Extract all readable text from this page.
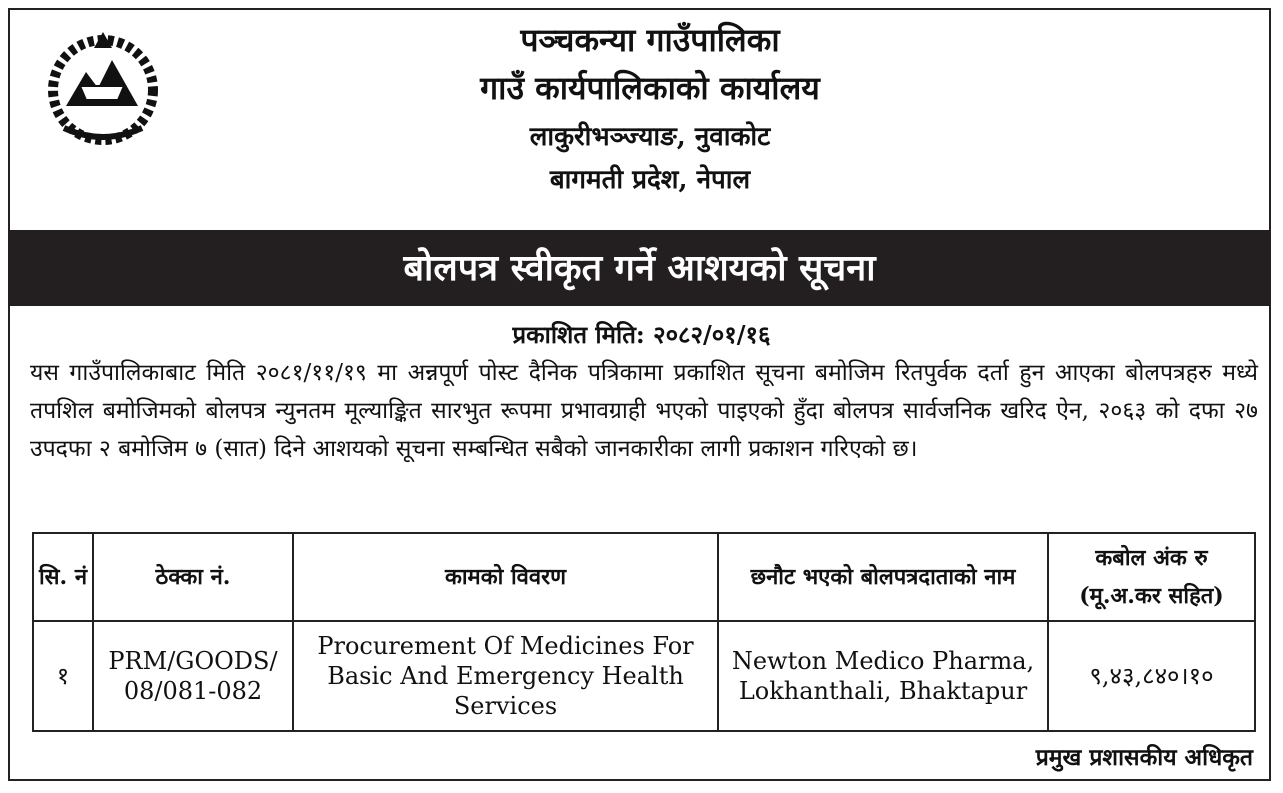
पञ्चकन्या गाउँपालिका
गाउँ कार्यपालिकाको कार्यालय
लाकुरीभञ्ज्याङ, नुवाकोट
बागमती प्रदेश, नेपाल
बोलपत्र स्वीकृत गर्ने आशयको सूचना
प्रकाशित मिति: २०८२/०१/१६
यस गाउँपालिकाबाट मिति २०८१/११/१९ मा अन्नपूर्ण पोस्ट दैनिक पत्रिकामा प्रकाशित सूचना बमोजिम रितपुर्वक दर्ता हुन आएका बोलपत्रहरु मध्ये तपशिल बमोजिमको बोलपत्र न्युनतम मूल्याङ्कित सारभुत रूपमा प्रभावग्राही भएको पाइएको हुँदा बोलपत्र सार्वजनिक खरिद ऐन, २०६३ को दफा २७ उपदफा २ बमोजिम ७ (सात) दिने आशयको सूचना सम्बन्धित सबैको जानकारीका लागी प्रकाशन गरिएको छ।
सि. नं	ठेक्का नं.	कामको विवरण	छनौट भएको बोलपत्रदाताको नाम	कबोल अंक रु (मू.अ.कर सहित)
१	PRM/GOODS/ 08/081-082	Procurement Of Medicines For Basic And Emergency Health Services	Newton Medico Pharma, Lokhanthali, Bhaktapur	९,४३,८४०।१०
प्रमुख प्रशासकीय अधिकृत
